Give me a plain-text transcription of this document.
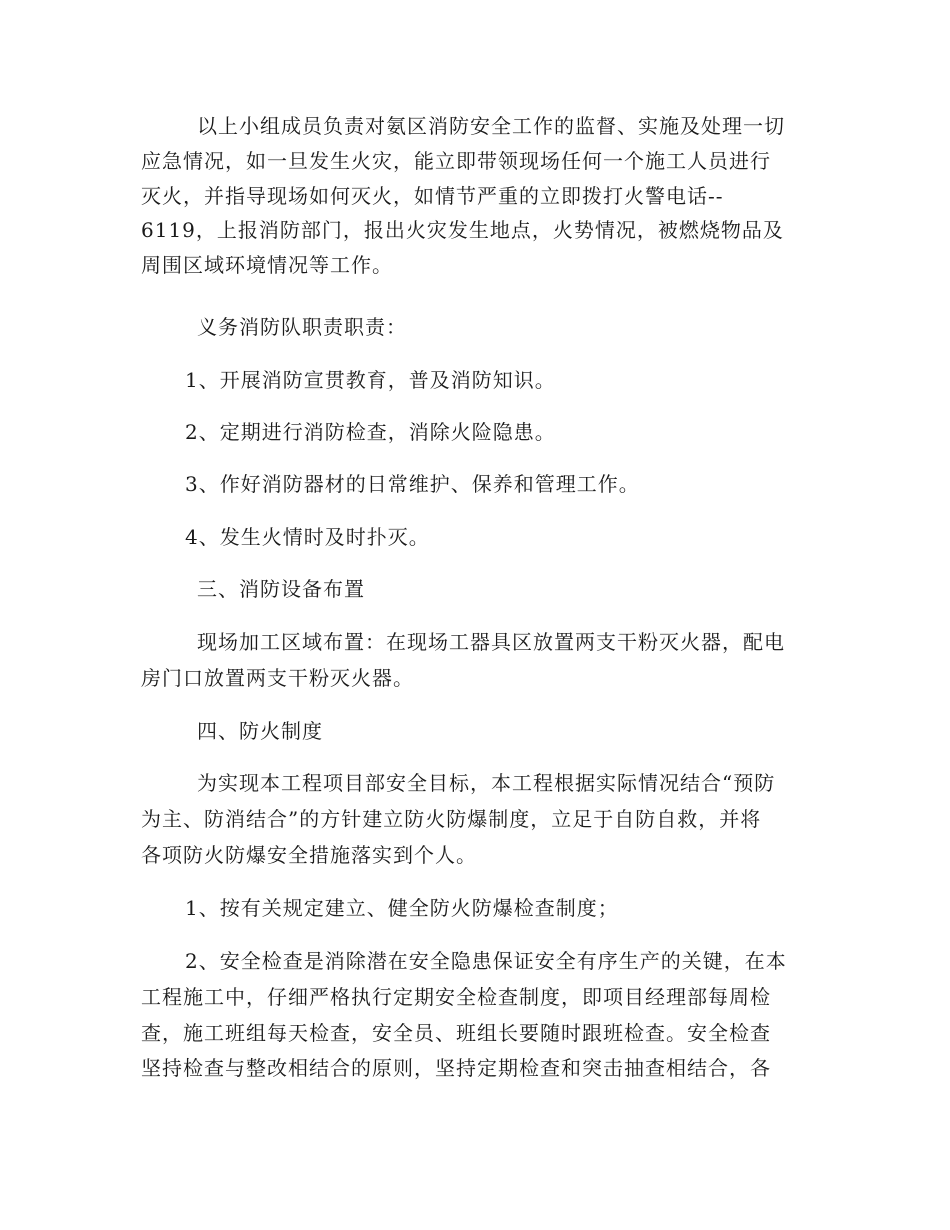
以上小组成员负责对氨区消防安全工作的监督、实施及处理一切
应急情况，如一旦发生火灾，能立即带领现场任何一个施工人员进行
灭火，并指导现场如何灭火，如情节严重的立即拨打火警电话--
6119，上报消防部门，报出火灾发生地点，火势情况，被燃烧物品及
周围区域环境情况等工作。
义务消防队职责职责：
1、开展消防宣贯教育，普及消防知识。
2、定期进行消防检查，消除火险隐患。
3、作好消防器材的日常维护、保养和管理工作。
4、发生火情时及时扑灭。
三、消防设备布置
现场加工区域布置：在现场工器具区放置两支干粉灭火器，配电
房门口放置两支干粉灭火器。
四、防火制度
为实现本工程项目部安全目标，本工程根据实际情况结合“预防
为主、防消结合”的方针建立防火防爆制度，立足于自防自救，并将
各项防火防爆安全措施落实到个人。
1、按有关规定建立、健全防火防爆检查制度；
2、安全检查是消除潜在安全隐患保证安全有序生产的关键，在本
工程施工中，仔细严格执行定期安全检查制度，即项目经理部每周检
查，施工班组每天检查，安全员、班组长要随时跟班检查。安全检查
坚持检查与整改相结合的原则，坚持定期检查和突击抽查相结合，各
